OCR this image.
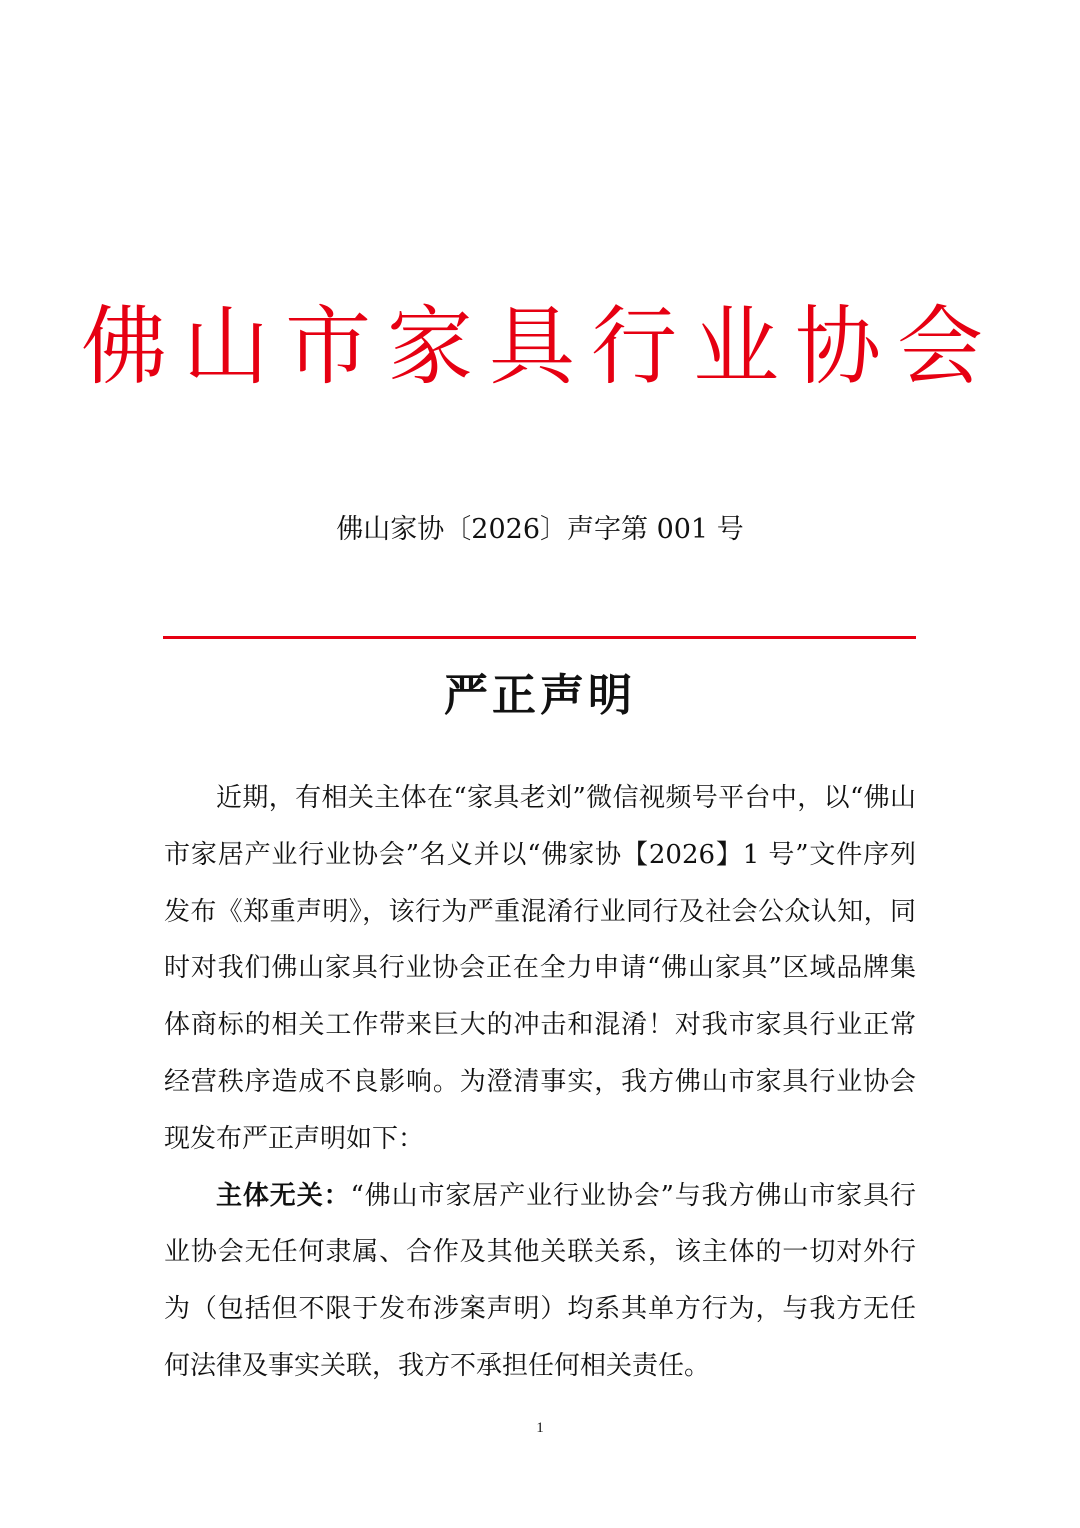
佛山市家具行业协会
佛山家协〔2026〕声字第 001 号
严正声明

近期，有相关主体在“家具老刘”微信视频号平台中，以“佛山市家居产业行业协会”名义并以“佛家协【2026】1 号”文件序列发布《郑重声明》，该行为严重混淆行业同行及社会公众认知，同时对我们佛山家具行业协会正在全力申请“佛山家具”区域品牌集体商标的相关工作带来巨大的冲击和混淆！对我市家具行业正常经营秩序造成不良影响。为澄清事实，我方佛山市家具行业协会现发布严正声明如下：

主体无关：“佛山市家居产业行业协会”与我方佛山市家具行业协会无任何隶属、合作及其他关联关系，该主体的一切对外行为（包括但不限于发布涉案声明）均系其单方行为，与我方无任何法律及事实关联，我方不承担任何相关责任。

1
